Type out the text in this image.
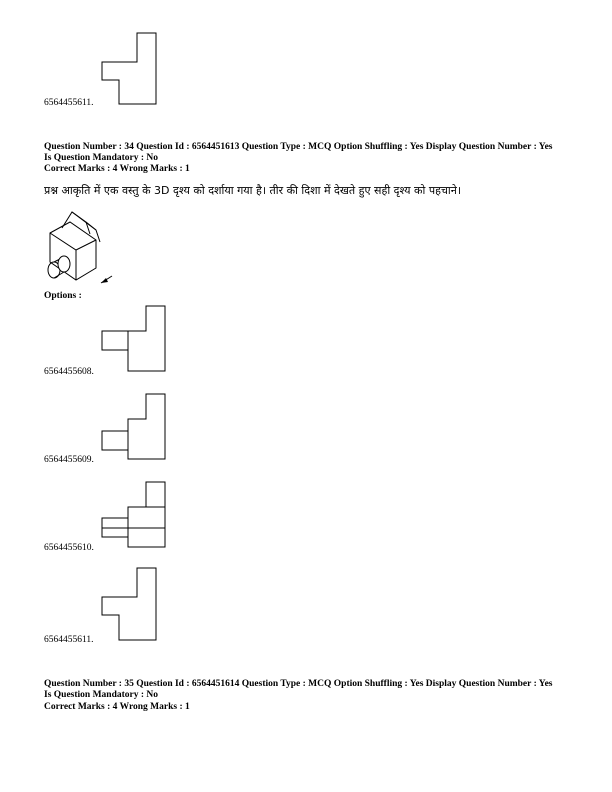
6564455611.
Question Number : 34 Question Id : 6564451613 Question Type : MCQ Option Shuffling : Yes Display Question Number : Yes
Is Question Mandatory : No
Correct Marks : 4 Wrong Marks : 1
प्रश्न आकृति में एक वस्तु के 3D दृश्य को दर्शाया गया है। तीर की दिशा में देखते हुए सही दृश्य को पहचाने।
Options :
6564455608.
6564455609.
6564455610.
6564455611.
Question Number : 35 Question Id : 6564451614 Question Type : MCQ Option Shuffling : Yes Display Question Number : Yes
Is Question Mandatory : No
Correct Marks : 4 Wrong Marks : 1
